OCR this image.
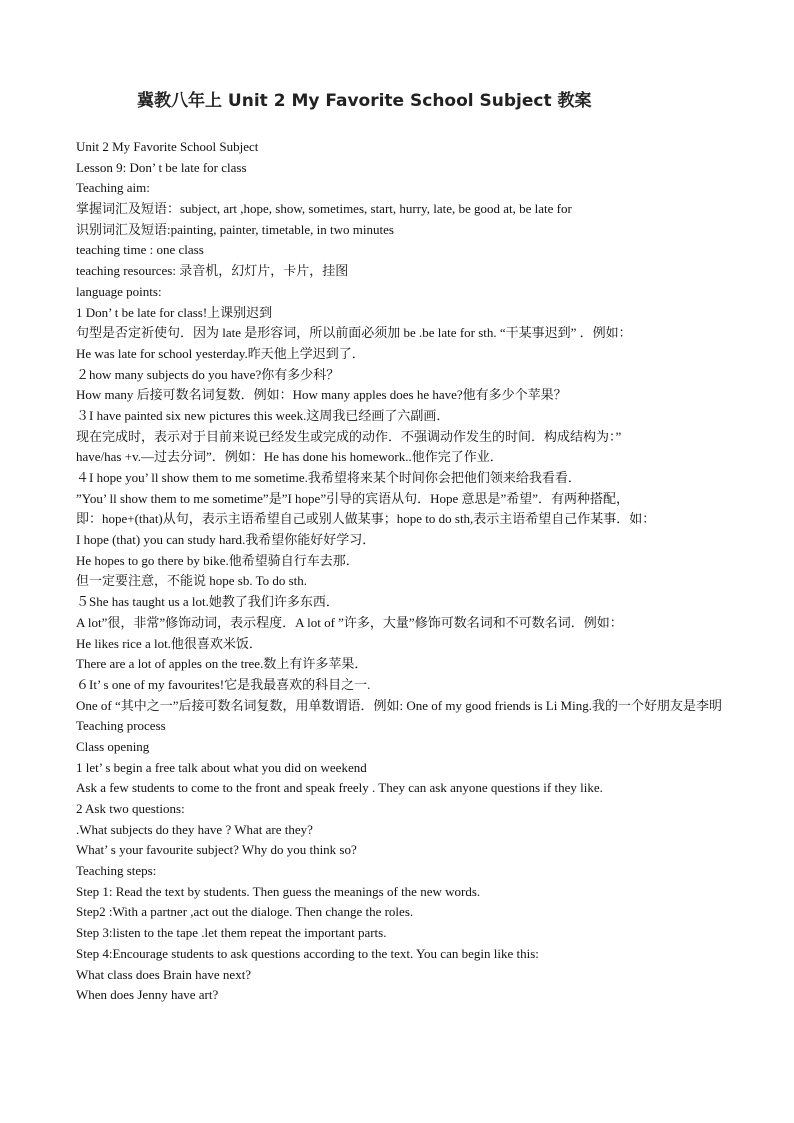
冀教八年上 Unit 2 My Favorite School Subject 教案
Unit 2 My Favorite School Subject
Lesson 9: Don’ t be late for class
Teaching aim:
掌握词汇及短语：subject, art ,hope, show, sometimes, start, hurry, late, be good at, be late for
识别词汇及短语:painting, painter, timetable, in two minutes
teaching time : one class
teaching resources: 录音机，幻灯片，卡片，挂图
language points:
1 Don’ t be late for class!上课别迟到
句型是否定祈使句．因为 late 是形容词，所以前面必须加 be .be late for sth. “干某事迟到” ．例如：
He was late for school yesterday.昨天他上学迟到了．
２how many subjects do you have?你有多少科？
How many 后接可数名词复数．例如：How many apples does he have?他有多少个苹果？
３I have painted six new pictures this week.这周我已经画了六副画．
现在完成时，表示对于目前来说已经发生或完成的动作．不强调动作发生的时间．构成结构为：”
have/has +v.—过去分词”．例如：He has done his homework..他作完了作业．
４I hope you’ ll show them to me sometime.我希望将来某个时间你会把他们领来给我看看．
”You’ ll show them to me sometime”是”I hope”引导的宾语从句．Hope 意思是”希望”．有两种搭配，
即：hope+(that)从句，表示主语希望自己或别人做某事；hope to do sth,表示主语希望自己作某事．如：
I hope (that) you can study hard.我希望你能好好学习．
He hopes to go there by bike.他希望骑自行车去那．
但一定要注意，不能说 hope sb. To do sth.
５She has taught us a lot.她教了我们许多东西．
A lot”很，非常”修饰动词，表示程度．A lot of ”许多，大量”修饰可数名词和不可数名词．例如：
He likes rice a lot.他很喜欢米饭．
There are a lot of apples on the tree.数上有许多苹果．
６It’ s one of my favourites!它是我最喜欢的科目之一.
One of “其中之一”后接可数名词复数，用单数谓语．例如: One of my good friends is Li Ming.我的一个好朋友是李明
Teaching process
Class opening
1 let’ s begin a free talk about what you did on weekend
Ask a few students to come to the front and speak freely . They can ask anyone questions if they like.
2 Ask two questions:
.What subjects do they have ? What are they?
What’ s your favourite subject? Why do you think so?
Teaching steps:
Step 1: Read the text by students. Then guess the meanings of the new words.
Step2 :With a partner ,act out the dialoge. Then change the roles.
Step 3:listen to the tape .let them repeat the important parts.
Step 4:Encourage students to ask questions according to the text. You can begin like this:
What class does Brain have next?
When does Jenny have art?
